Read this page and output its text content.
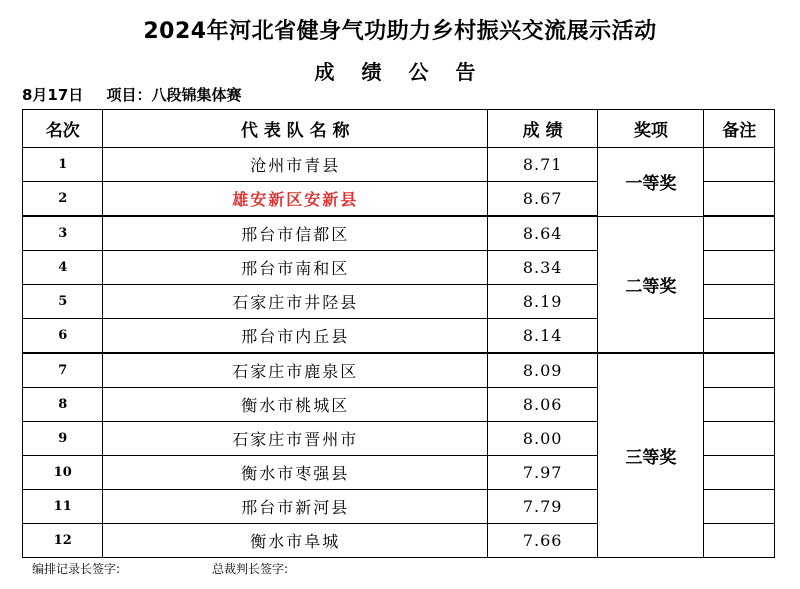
2024年河北省健身气功助力乡村振兴交流展示活动
成 绩 公 告
8月17日 项目：八段锦集体赛
名次	代 表 队 名 称	成 绩	奖项	备注
1	沧州市青县	8.71	一等奖	
2	雄安新区安新县	8.67		
3	邢台市信都区	8.64	二等奖	
4	邢台市南和区	8.34		
5	石家庄市井陉县	8.19		
6	邢台市内丘县	8.14		
7	石家庄市鹿泉区	8.09	三等奖	
8	衡水市桃城区	8.06		
9	石家庄市晋州市	8.00		
10	衡水市枣强县	7.97		
11	邢台市新河县	7.79		
12	衡水市阜城	7.66		
编排记录长签字:	总裁判长签字:
